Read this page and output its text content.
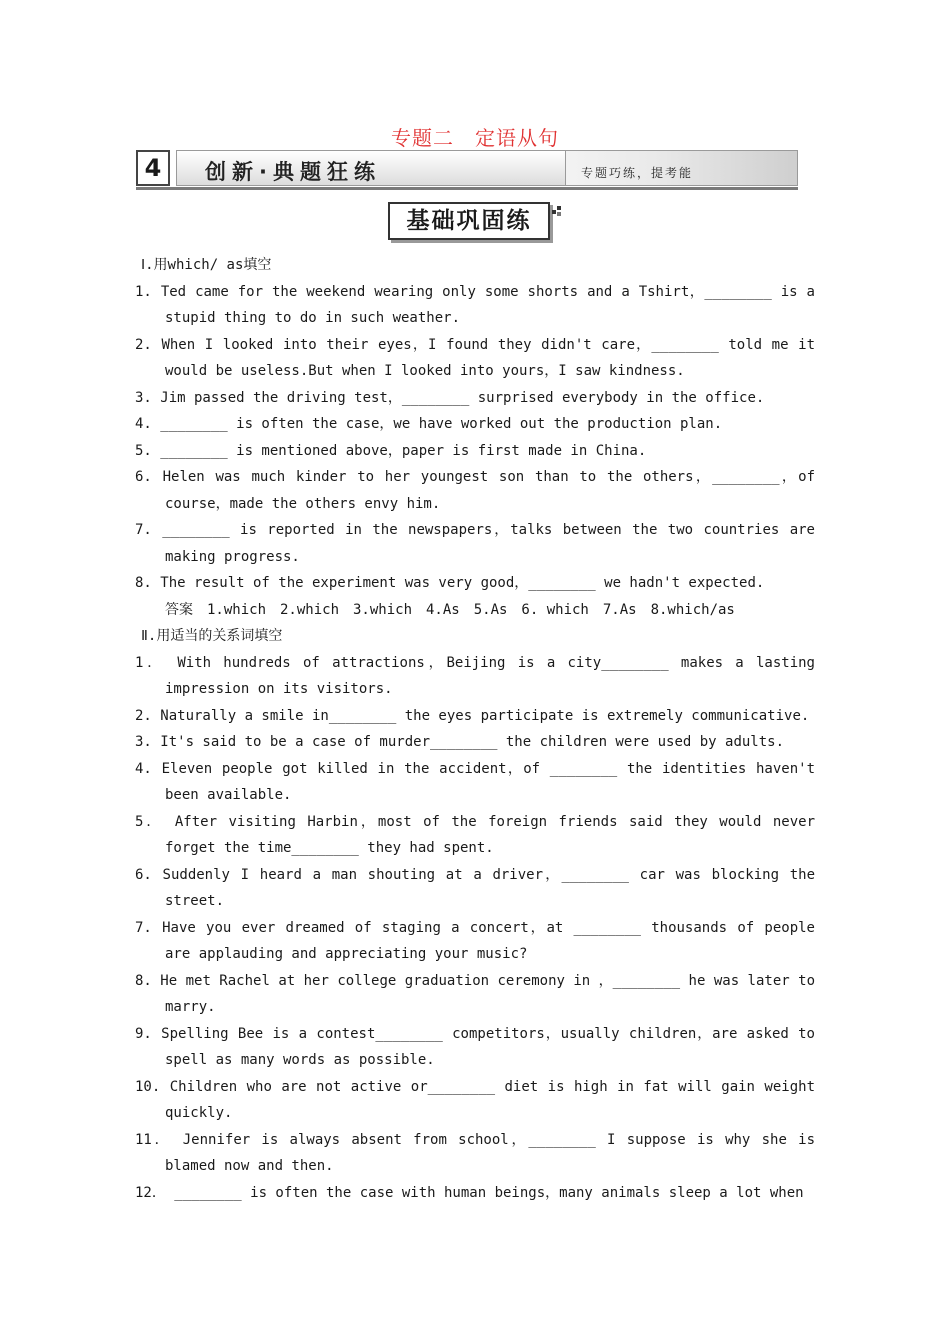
专题二　定语从句
专题巧练，提考能
创新·典题狂练
4
基础巩固练
Ⅰ.用which/ as填空
1. Ted came for the weekend wearing only some shorts and a Tshirt，________ is a stupid thing to do in such weather.
2. When I looked into their eyes，I found they didn't care，________ told me it would be useless.But when I looked into yours，I saw kindness.
3. Jim passed the driving test，________ surprised everybody in the office.
4. ________ is often the case，we have worked out the production plan.
5. ________ is mentioned above，paper is first made in China.
6. Helen was much kinder to her youngest son than to the others，________，of course，made the others envy him.
7. ________ is reported in the newspapers，talks between the two countries are making progress.
8. The result of the experiment was very good，________ we hadn't expected.
答案　1.which　2.which　3.which　4.As　5.As　6. which　7.As　8.which/as
Ⅱ.用适当的关系词填空
1． With hundreds of attractions，Beijing is a city________ makes a lasting impression on its visitors.
2. Naturally a smile in________ the eyes participate is extremely communicative.
3. It's said to be a case of murder________ the children were used by adults.
4. Eleven people got killed in the accident，of ________ the identities haven't been available.
5． After visiting Harbin，most of the foreign friends said they would never forget the time________ they had spent.
6. Suddenly I heard a man shouting at a driver，________ car was blocking the street.
7. Have you ever dreamed of staging a concert，at ________ thousands of people are applauding and appreciating your music?
8. He met Rachel at her college graduation ceremony in ，________ he was later to marry.
9. Spelling Bee is a contest________ competitors，usually children，are asked to spell as many words as possible.
10. Children who are not active or________ diet is high in fat will gain weight quickly.
11． Jennifer is always absent from school，________ I suppose is why she is blamed now and then.
12． ________ is often the case with human beings，many animals sleep a lot when
